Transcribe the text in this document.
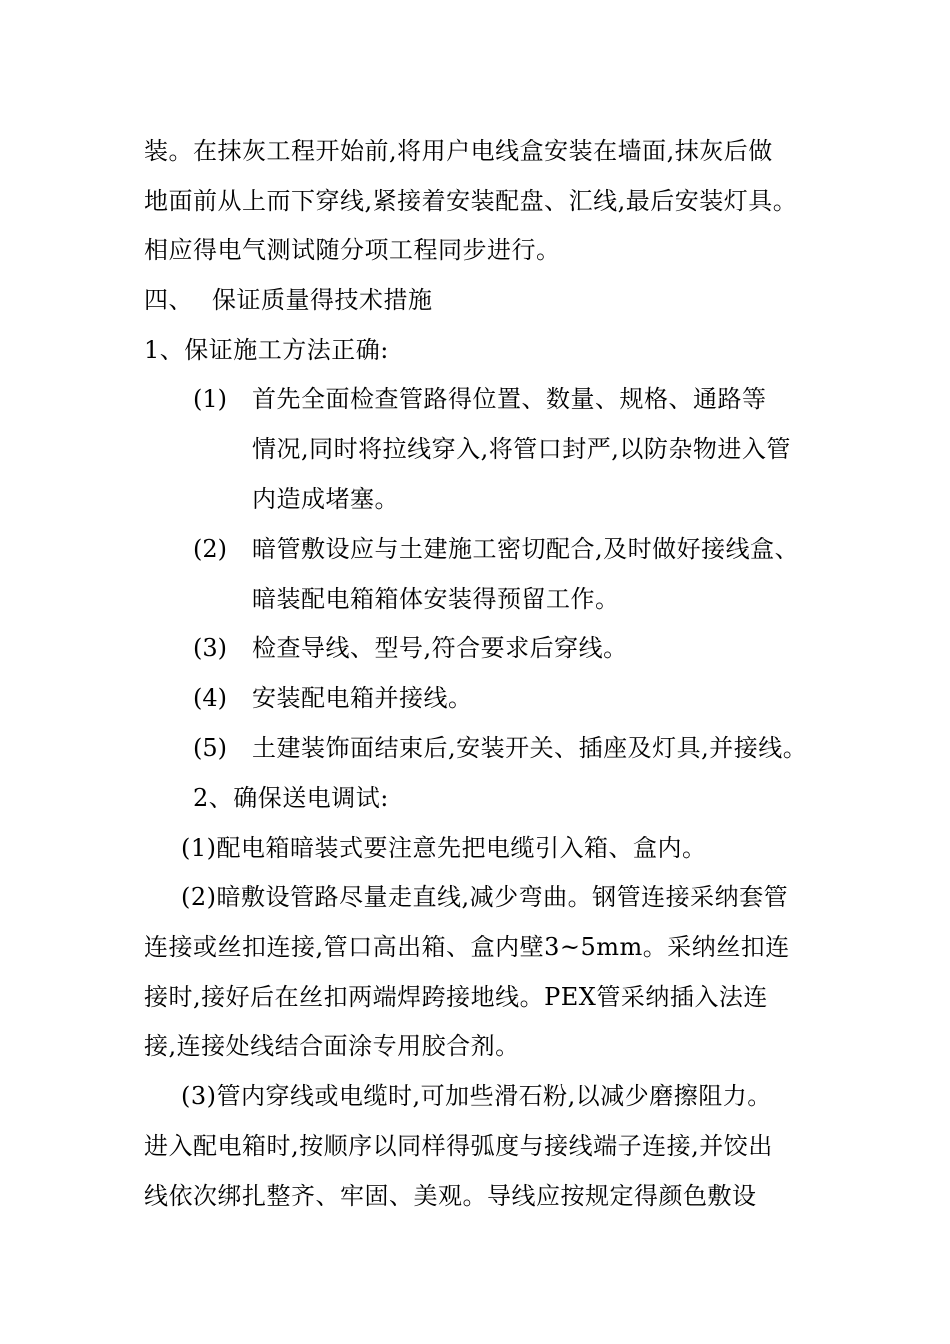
装。在抹灰工程开始前,将用户电线盒安装在墙面,抹灰后做
地面前从上而下穿线,紧接着安装配盘、汇线,最后安装灯具。
相应得电气测试随分项工程同步进行。
四、 保证质量得技术措施
1、保证施工方法正确:
(1) 首先全面检查管路得位置、数量、规格、通路等
情况,同时将拉线穿入,将管口封严,以防杂物进入管
内造成堵塞。
(2) 暗管敷设应与土建施工密切配合,及时做好接线盒、
暗装配电箱箱体安装得预留工作。
(3) 检查导线、型号,符合要求后穿线。
(4) 安装配电箱并接线。
(5) 土建装饰面结束后,安装开关、插座及灯具,并接线。
2、确保送电调试:
(1)配电箱暗装式要注意先把电缆引入箱、盒内。
(2)暗敷设管路尽量走直线,减少弯曲。钢管连接采纳套管
连接或丝扣连接,管口高出箱、盒内壁3~5mm。采纳丝扣连
接时,接好后在丝扣两端焊跨接地线。PEX管采纳插入法连
接,连接处线结合面涂专用胶合剂。
(3)管内穿线或电缆时,可加些滑石粉,以减少磨擦阻力。
进入配电箱时,按顺序以同样得弧度与接线端子连接,并饺出
线依次绑扎整齐、牢固、美观。导线应按规定得颜色敷设
